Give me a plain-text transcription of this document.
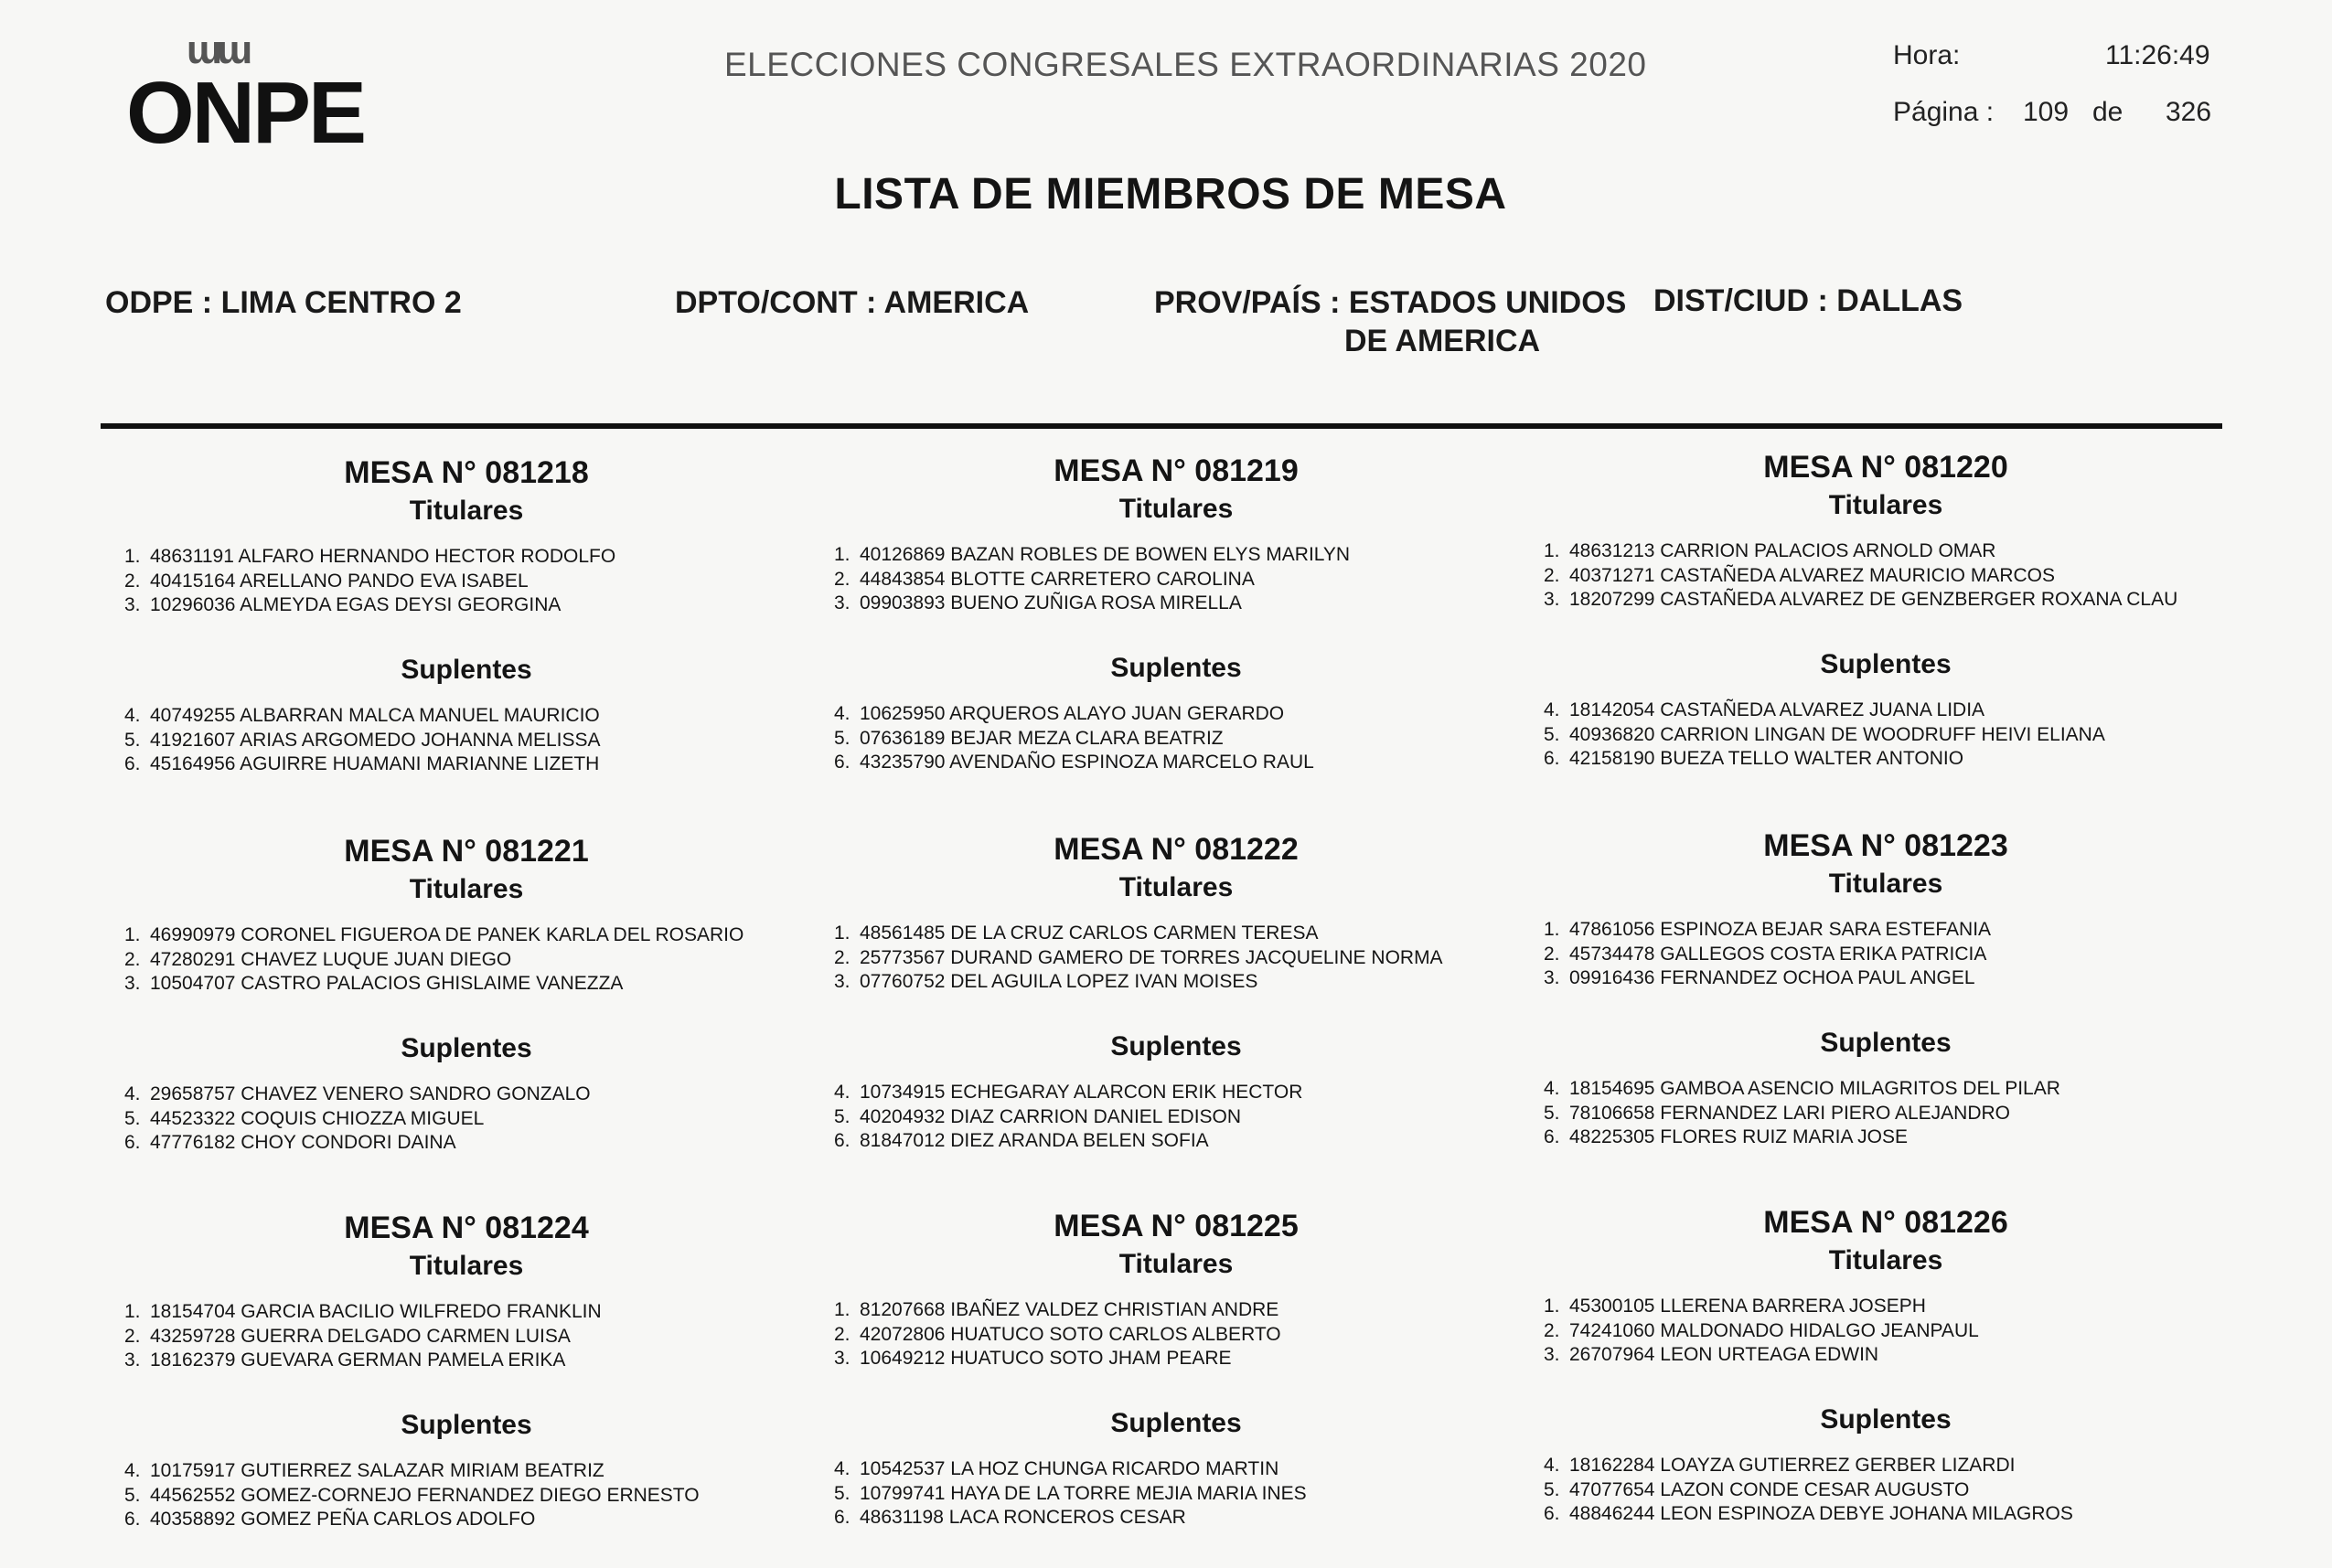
ɯɯ
ONPE	ELECCIONES CONGRESALES EXTRAORDINARIAS 2020	Hora:	11:26:49
Página : 109 de 326
LISTA DE MIEMBROS DE MESA
ODPE : LIMA CENTRO 2	DPTO/CONT : AMERICA	PROV/PAÍS : ESTADOS UNIDOS
DE AMERICA
DIST/CIUD : DALLAS
MESA N° 081218
Titulares
1. 48631191 ALFARO HERNANDO HECTOR RODOLFO
2. 40415164 ARELLANO PANDO EVA ISABEL
3. 10296036 ALMEYDA EGAS DEYSI GEORGINA
Suplentes
4. 40749255 ALBARRAN MALCA MANUEL MAURICIO
5. 41921607 ARIAS ARGOMEDO JOHANNA MELISSA
6. 45164956 AGUIRRE HUAMANI MARIANNE LIZETH
MESA N° 081219
Titulares
1. 40126869 BAZAN ROBLES DE BOWEN ELYS MARILYN
2. 44843854 BLOTTE CARRETERO CAROLINA
3. 09903893 BUENO ZUÑIGA ROSA MIRELLA
Suplentes
4. 10625950 ARQUEROS ALAYO JUAN GERARDO
5. 07636189 BEJAR MEZA CLARA BEATRIZ
6. 43235790 AVENDAÑO ESPINOZA MARCELO RAUL
MESA N° 081220
Titulares
1. 48631213 CARRION PALACIOS ARNOLD OMAR
2. 40371271 CASTAÑEDA ALVAREZ MAURICIO MARCOS
3. 18207299 CASTAÑEDA ALVAREZ DE GENZBERGER ROXANA CLAU
Suplentes
4. 18142054 CASTAÑEDA ALVAREZ JUANA LIDIA
5. 40936820 CARRION LINGAN DE WOODRUFF HEIVI ELIANA
6. 42158190 BUEZA TELLO WALTER ANTONIO
MESA N° 081221
Titulares
1. 46990979 CORONEL FIGUEROA DE PANEK KARLA DEL ROSARIO
2. 47280291 CHAVEZ LUQUE JUAN DIEGO
3. 10504707 CASTRO PALACIOS GHISLAIME VANEZZA
Suplentes
4. 29658757 CHAVEZ VENERO SANDRO GONZALO
5. 44523322 COQUIS CHIOZZA MIGUEL
6. 47776182 CHOY CONDORI DAINA
MESA N° 081222
Titulares
1. 48561485 DE LA CRUZ CARLOS CARMEN TERESA
2. 25773567 DURAND GAMERO DE TORRES JACQUELINE NORMA
3. 07760752 DEL AGUILA LOPEZ IVAN MOISES
Suplentes
4. 10734915 ECHEGARAY ALARCON ERIK HECTOR
5. 40204932 DIAZ CARRION DANIEL EDISON
6. 81847012 DIEZ ARANDA BELEN SOFIA
MESA N° 081223
Titulares
1. 47861056 ESPINOZA BEJAR SARA ESTEFANIA
2. 45734478 GALLEGOS COSTA ERIKA PATRICIA
3. 09916436 FERNANDEZ OCHOA PAUL ANGEL
Suplentes
4. 18154695 GAMBOA ASENCIO MILAGRITOS DEL PILAR
5. 78106658 FERNANDEZ LARI PIERO ALEJANDRO
6. 48225305 FLORES RUIZ MARIA JOSE
MESA N° 081224
Titulares
1. 18154704 GARCIA BACILIO WILFREDO FRANKLIN
2. 43259728 GUERRA DELGADO CARMEN LUISA
3. 18162379 GUEVARA GERMAN PAMELA ERIKA
Suplentes
4. 10175917 GUTIERREZ SALAZAR MIRIAM BEATRIZ
5. 44562552 GOMEZ-CORNEJO FERNANDEZ DIEGO ERNESTO
6. 40358892 GOMEZ PEÑA CARLOS ADOLFO
MESA N° 081225
Titulares
1. 81207668 IBAÑEZ VALDEZ CHRISTIAN ANDRE
2. 42072806 HUATUCO SOTO CARLOS ALBERTO
3. 10649212 HUATUCO SOTO JHAM PEARE
Suplentes
4. 10542537 LA HOZ CHUNGA RICARDO MARTIN
5. 10799741 HAYA DE LA TORRE MEJIA MARIA INES
6. 48631198 LACA RONCEROS CESAR
MESA N° 081226
Titulares
1. 45300105 LLERENA BARRERA JOSEPH
2. 74241060 MALDONADO HIDALGO JEANPAUL
3. 26707964 LEON URTEAGA EDWIN
Suplentes
4. 18162284 LOAYZA GUTIERREZ GERBER LIZARDI
5. 47077654 LAZON CONDE CESAR AUGUSTO
6. 48846244 LEON ESPINOZA DEBYE JOHANA MILAGROS
